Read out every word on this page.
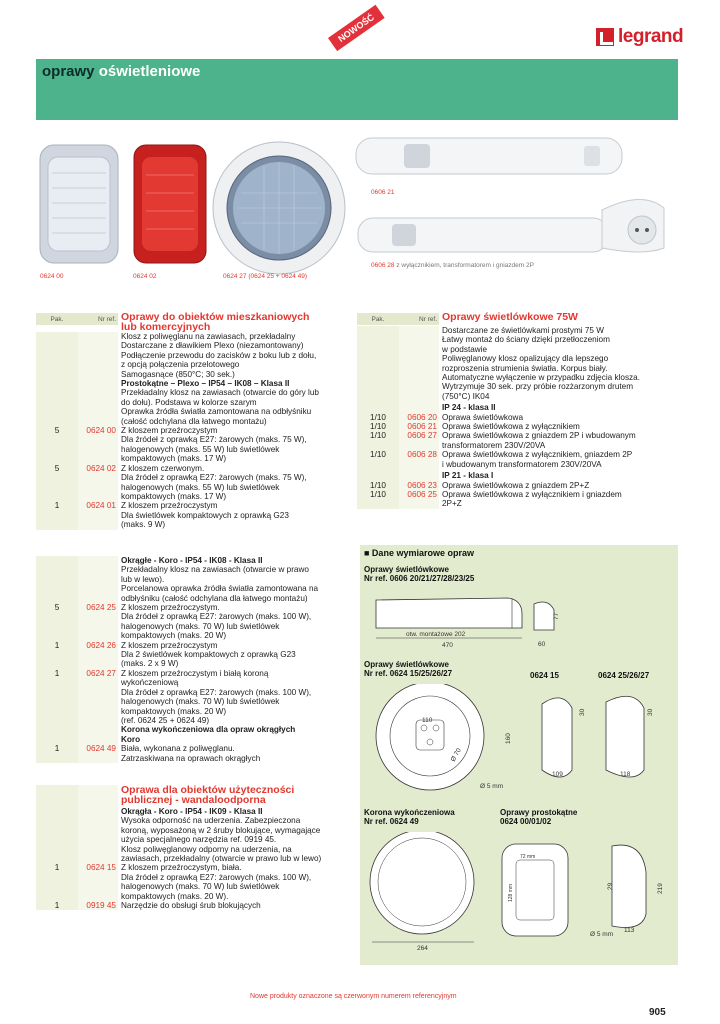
legrand
NOWOŚĆ
oprawy oświetleniowe
0624 00	0624 02	0624 27 (0624 25 + 0624 49)
0606 21
0606 28 z wyłącznikiem, transformatorem i gniazdem 2P
Pak.	Nr ref.	Pak.	Nr ref.
Oprawy do obiektów mieszkaniowych
lub komercyjnych
Klosz z poliwęglanu na zawiasach, przekładalny
Dostarczane z dławikiem Plexo (niezamontowany)
Podłączenie przewodu do zacisków z boku lub z dołu,
z opcją połączenia przelotowego
Samogasnące (850°C; 30 sek.)
Prostokątne – Plexo – IP54 – IK08 – Klasa II
Przekładalny klosz na zawiasach (otwarcie do góry lub
do dołu). Podstawa w kolorze szarym
Oprawka źródła światła zamontowana na odbłyśniku
(całość odchylana dla łatwego montażu)
5	0624 00 Z kloszem przeźroczystym
Dla źródeł z oprawką E27: żarowych (maks. 75 W),
halogenowych (maks. 55 W) lub świetlówek
kompaktowych (maks. 17 W)
5	0624 02 Z kloszem czerwonym.
Dla źródeł z oprawką E27: żarowych (maks. 75 W),
halogenowych (maks. 55 W) lub świetlówek
kompaktowych (maks. 17 W)
1	0624 01 Z kloszem przeźroczystym
Dla świetlówek kompaktowych z oprawką G23
(maks. 9 W)
Okrągłe - Koro - IP54 - IK08 - Klasa II
Przekładalny klosz na zawiasach (otwarcie w prawo
lub w lewo).
Porcelanowa oprawka źródła światła zamontowana na
odbłyśniku (całość odchylana dla łatwego montażu)
5	0624 25 Z kloszem przeźroczystym.
Dla źródeł z oprawką E27: żarowych (maks. 100 W),
halogenowych (maks. 70 W) lub świetlówek
kompaktowych (maks. 20 W)
1	0624 26 Z kloszem przeźroczystym
Dla 2 świetlówek kompaktowych z oprawką G23
(maks. 2 x 9 W)
1	0624 27 Z kloszem przeźroczystym i białą koroną
wykończeniową
Dla źródeł z oprawką E27: żarowych (maks. 100 W),
halogenowych (maks. 70 W) lub świetlówek
kompaktowych (maks. 20 W)
(ref. 0624 25 + 0624 49)
Korona wykończeniowa dla opraw okrągłych
Koro
1	0624 49 Biała, wykonana z poliwęglanu.
Zatrzaskiwana na oprawach okrągłych
Oprawa dla obiektów użyteczności
publicznej - wandaloodporna
Okrągła - Koro - IP54 - IK09 - Klasa II
Wysoka odporność na uderzenia. Zabezpieczona
koroną, wyposażoną w 2 śruby blokujące, wymagające
użycia specjalnego narzędzia ref. 0919 45.
Klosz poliwęglanowy odporny na uderzenia, na
zawiasach, przekładalny (otwarcie w prawo lub w lewo)
1	0624 15 Z kloszem przeźroczystym, biała.
Dla źródeł z oprawką E27: żarowych (maks. 100 W),
halogenowych (maks. 70 W) lub świetlówek
kompaktowych (maks. 20 W).
1	0919 45 Narzędzie do obsługi śrub blokujących
Oprawy świetlówkowe 75W
Dostarczane ze świetlówkami prostymi 75 W
Łatwy montaż do ściany dzięki przetłoczeniom
w podstawie
Poliwęglanowy klosz opalizujący dla lepszego
rozproszenia strumienia światła. Korpus biały.
Automatyczne wyłączenie w przypadku zdjęcia klosza.
Wytrzymuje 30 sek. przy próbie rozżarzonym drutem
(750°C) IK04
IP 24 - klasa II
1/10	0606 20 Oprawa świetlówkowa
1/10	0606 21 Oprawa świetlówkowa z wyłącznikiem
1/10	0606 27 Oprawa świetlówkowa z gniazdem 2P i wbudowanym
transformatorem 230V/20VA
1/10	0606 28 Oprawa świetlówkowa z wyłącznikiem, gniazdem 2P
i wbudowanym transformatorem 230V/20VA
IP 21 - klasa I
1/10	0606 23 Oprawa świetlówkowa z gniazdem 2P+Z
1/10	0606 25 Oprawa świetlówkowa z wyłącznikiem i gniazdem
2P+Z
■ Dane wymiarowe opraw
Oprawy świetlówkowe
Nr ref. 0606 20/21/27/28/23/25
otw. montażowe 202
470
77
60
Oprawy świetlówkowe
Nr ref. 0624 15/25/26/27	0624 15	0624 25/26/27
110
160
Ø 70
Ø 5 mm
30
109
30
118
Korona wykończeniowa
Nr ref. 0624 49
Oprawy prostokątne
0624 00/01/02
264
72 mm
128 mm
Ø 5 mm
29	219
113
Nowe produkty oznaczone są czerwonym numerem referencyjnym
905
